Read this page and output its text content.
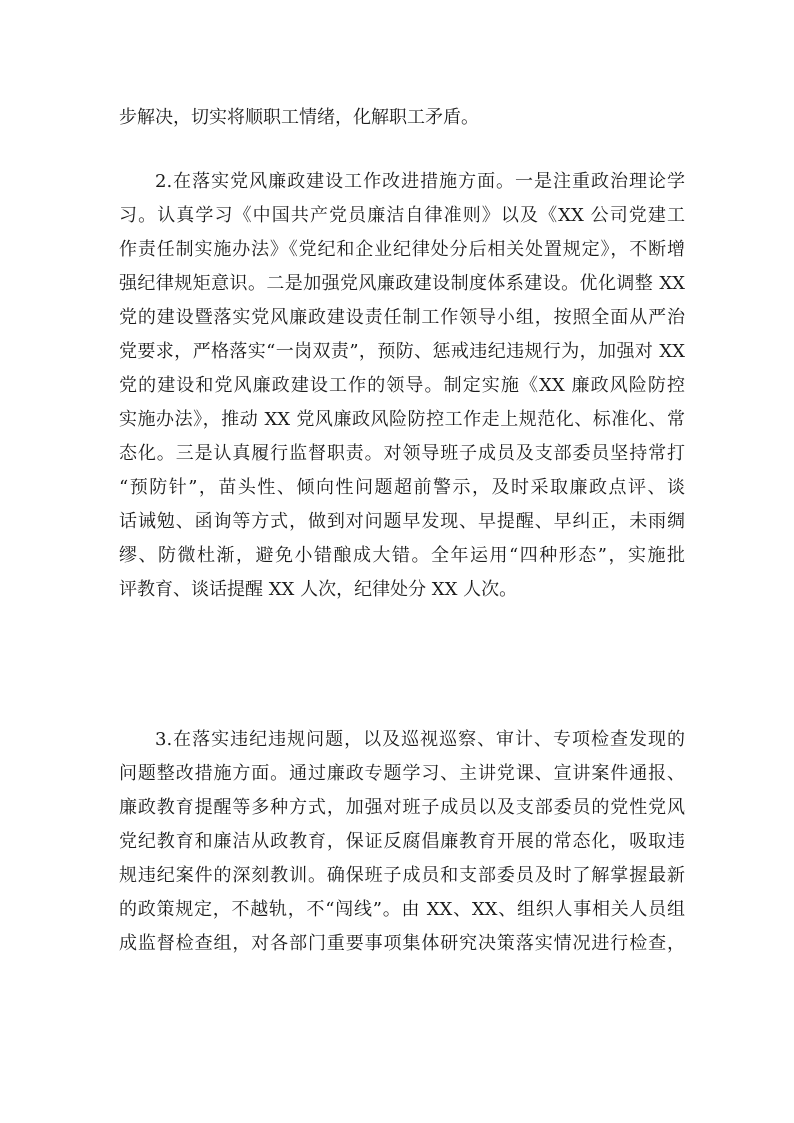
步解决，切实将顺职工情绪，化解职工矛盾。
2.在落实党风廉政建设工作改进措施方面。一是注重政治理论学
习。认真学习《中国共产党员廉洁自律准则》以及《XX 公司党建工
作责任制实施办法》《党纪和企业纪律处分后相关处置规定》，不断增
强纪律规矩意识。二是加强党风廉政建设制度体系建设。优化调整 XX
党的建设暨落实党风廉政建设责任制工作领导小组，按照全面从严治
党要求，严格落实“一岗双责”，预防、惩戒违纪违规行为，加强对 XX
党的建设和党风廉政建设工作的领导。制定实施《XX 廉政风险防控
实施办法》，推动 XX 党风廉政风险防控工作走上规范化、标准化、常
态化。三是认真履行监督职责。对领导班子成员及支部委员坚持常打
“预防针”，苗头性、倾向性问题超前警示，及时采取廉政点评、谈
话诫勉、函询等方式，做到对问题早发现、早提醒、早纠正，未雨绸
缪、防微杜渐，避免小错酿成大错。全年运用“四种形态”，实施批
评教育、谈话提醒 XX 人次，纪律处分 XX 人次。
3.在落实违纪违规问题，以及巡视巡察、审计、专项检查发现的
问题整改措施方面。通过廉政专题学习、主讲党课、宣讲案件通报、
廉政教育提醒等多种方式，加强对班子成员以及支部委员的党性党风
党纪教育和廉洁从政教育，保证反腐倡廉教育开展的常态化，吸取违
规违纪案件的深刻教训。确保班子成员和支部委员及时了解掌握最新
的政策规定，不越轨，不“闯线”。由 XX、XX、组织人事相关人员组
成监督检查组，对各部门重要事项集体研究决策落实情况进行检查，
